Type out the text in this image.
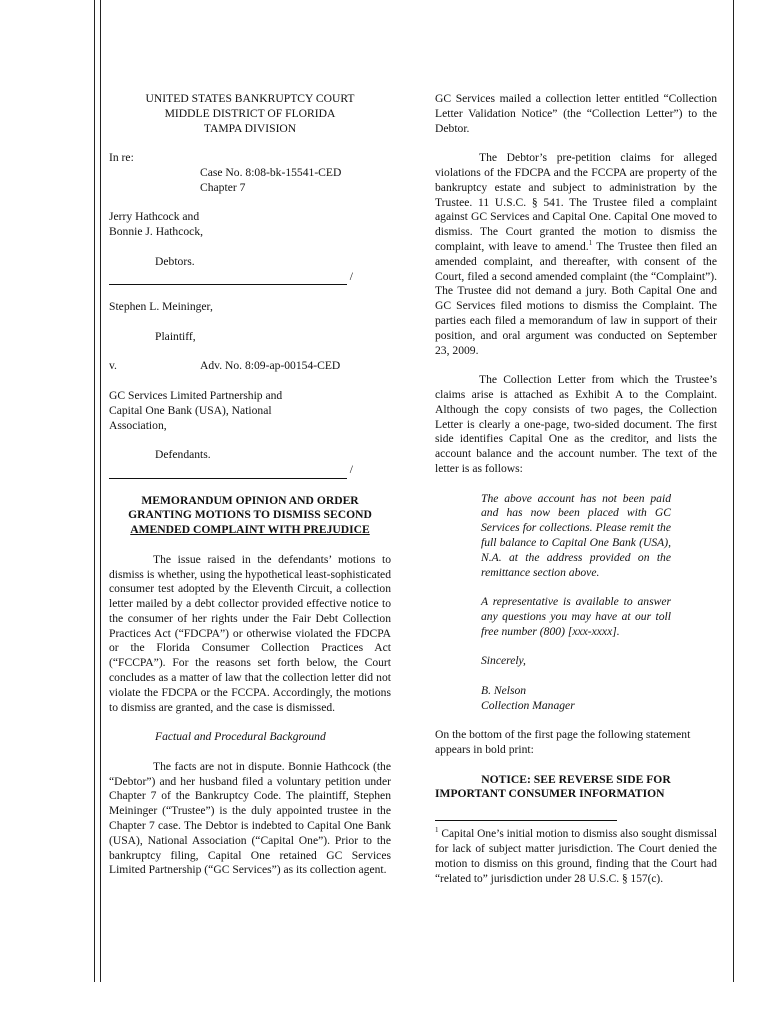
UNITED STATES BANKRUPTCY COURT

MIDDLE DISTRICT OF FLORIDA

TAMPA DIVISION

In re:

Case No. 8:08-bk-15541-CED

Chapter 7

Jerry Hathcock and

Bonnie J. Hathcock,

Debtors.

/

Stephen L. Meininger,

Plaintiff,

v.	Adv. No. 8:09-ap-00154-CED

GC Services Limited Partnership and

Capital One Bank (USA), National

Association,

Defendants.

/

MEMORANDUM OPINION AND ORDER

GRANTING MOTIONS TO DISMISS SECOND

AMENDED COMPLAINT WITH PREJUDICE

The issue raised in the defendants’ motions to dismiss is whether, using the hypothetical least-sophisticated consumer test adopted by the Eleventh Circuit, a collection letter mailed by a debt collector provided effective notice to the consumer of her rights under the Fair Debt Collection Practices Act (“FDCPA”) or otherwise violated the FDCPA or the Florida Consumer Collection Practices Act (“FCCPA”). For the reasons set forth below, the Court concludes as a matter of law that the collection letter did not violate the FDCPA or the FCCPA. Accordingly, the motions to dismiss are granted, and the case is dismissed.

Factual and Procedural Background

The facts are not in dispute. Bonnie Hathcock (the “Debtor”) and her husband filed a voluntary petition under Chapter 7 of the Bankruptcy Code. The plaintiff, Stephen Meininger (“Trustee”) is the duly appointed trustee in the Chapter 7 case. The Debtor is indebted to Capital One Bank (USA), National Association (“Capital One”). Prior to the bankruptcy filing, Capital One retained GC Services Limited Partnership (“GC Services”) as its collection agent.

GC Services mailed a collection letter entitled “Collection Letter Validation Notice” (the “Collection Letter”) to the Debtor.

The Debtor’s pre-petition claims for alleged violations of the FDCPA and the FCCPA are property of the bankruptcy estate and subject to administration by the Trustee. 11 U.S.C. § 541. The Trustee filed a complaint against GC Services and Capital One. Capital One moved to dismiss. The Court granted the motion to dismiss the complaint, with leave to amend.$^1$ The Trustee then filed an amended complaint, and thereafter, with consent of the Court, filed a second amended complaint (the “Complaint”). The Trustee did not demand a jury. Both Capital One and GC Services filed motions to dismiss the Complaint. The parties each filed a memorandum of law in support of their position, and oral argument was conducted on September 23, 2009.

The Collection Letter from which the Trustee’s claims arise is attached as Exhibit A to the Complaint. Although the copy consists of two pages, the Collection Letter is clearly a one-page, two-sided document. The first side identifies Capital One as the creditor, and lists the account balance and the account number. The text of the letter is as follows:

The above account has not been paid and has now been placed with GC Services for collections. Please remit the full balance to Capital One Bank (USA), N.A. at the address provided on the remittance section above.

A representative is available to answer any questions you may have at our toll free number (800) [xxx-xxxx].

Sincerely,

B. Nelson

Collection Manager

On the bottom of the first page the following statement appears in bold print:

NOTICE: SEE REVERSE SIDE FOR

IMPORTANT CONSUMER INFORMATION

$^1$ Capital One’s initial motion to dismiss also sought dismissal for lack of subject matter jurisdiction. The Court denied the motion to dismiss on this ground, finding that the Court had “related to” jurisdiction under 28 U.S.C. § 157(c).
